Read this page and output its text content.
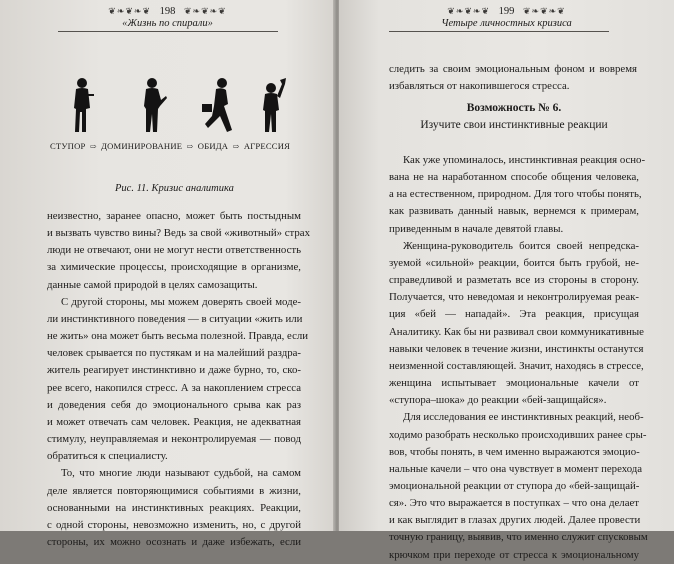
❦❧❦❧❦ 198 ❦❧❦❧❦
«Жизнь по спирали»
СТУПОР ⇨ ДОМИНИРОВАНИЕ ⇨ ОБИДА ⇨ АГРЕССИЯ
Рис. 11. Кризис аналитика
неизвестно, заранее опасно, может быть постыдным
и вызвать чувство вины? Ведь за свой «животный» страх
люди не отвечают, они не могут нести ответственность
за химические процессы, происходящие в организме,
данные самой природой в целях самозащиты.
С другой стороны, мы можем доверять своей моде-
ли инстинктивного поведения — в ситуации «жить или
не жить» она может быть весьма полезной. Правда, если
человек срывается по пустякам и на малейший раздра-
житель реагирует инстинктивно и даже бурно, то, ско-
рее всего, накопился стресс. А за накоплением стресса
и доведения себя до эмоционального срыва как раз
и может отвечать сам человек. Реакция, не адекватная
стимулу, неуправляемая и неконтролируемая — повод
обратиться к специалисту.
То, что многие люди называют судьбой, на самом
деле является повторяющимися событиями в жизни,
основанными на инстинктивных реакциях. Реакции,
с одной стороны, невозможно изменить, но, с другой
стороны, их можно осознать и даже избежать, если
❦❧❦❧❦ 199 ❦❧❦❧❦
Четыре личностных кризиса
следить за своим эмоциональным фоном и вовремя
избавляться от накопившегося стресса.
Возможность № 6.
Изучите свои инстинктивные реакции
Как уже упоминалось, инстинктивная реакция осно-
вана не на наработанном способе общения человека,
а на естественном, природном. Для того чтобы понять,
как развивать данный навык, вернемся к примерам,
приведенным в начале девятой главы.
Женщина-руководитель боится своей непредска-
зуемой «сильной» реакции, боится быть грубой, не-
справедливой и разметать все из стороны в сторону.
Получается, что неведомая и неконтролируемая реак-
ция «бей — нападай». Эта реакция, присущая
Аналитику. Как бы ни развивал свои коммуникативные
навыки человек в течение жизни, инстинкты останутся
неизменной составляющей. Значит, находясь в стрессе,
женщина испытывает эмоциональные качели от
«ступора–шока» до реакции «бей-защищайся».
Для исследования ее инстинктивных реакций, необ-
ходимо разобрать несколько происходивших ранее сры-
вов, чтобы понять, в чем именно выражаются эмоцио-
нальные качели – что она чувствует в момент перехода
эмоциональной реакции от ступора до «бей-защищай-
ся». Это что выражается в поступках – что она делает
и как выглядит в глазах других людей. Далее провести
точную границу, выявив, что именно служит спусковым
крючком при переходе от стресса к эмоциональному
